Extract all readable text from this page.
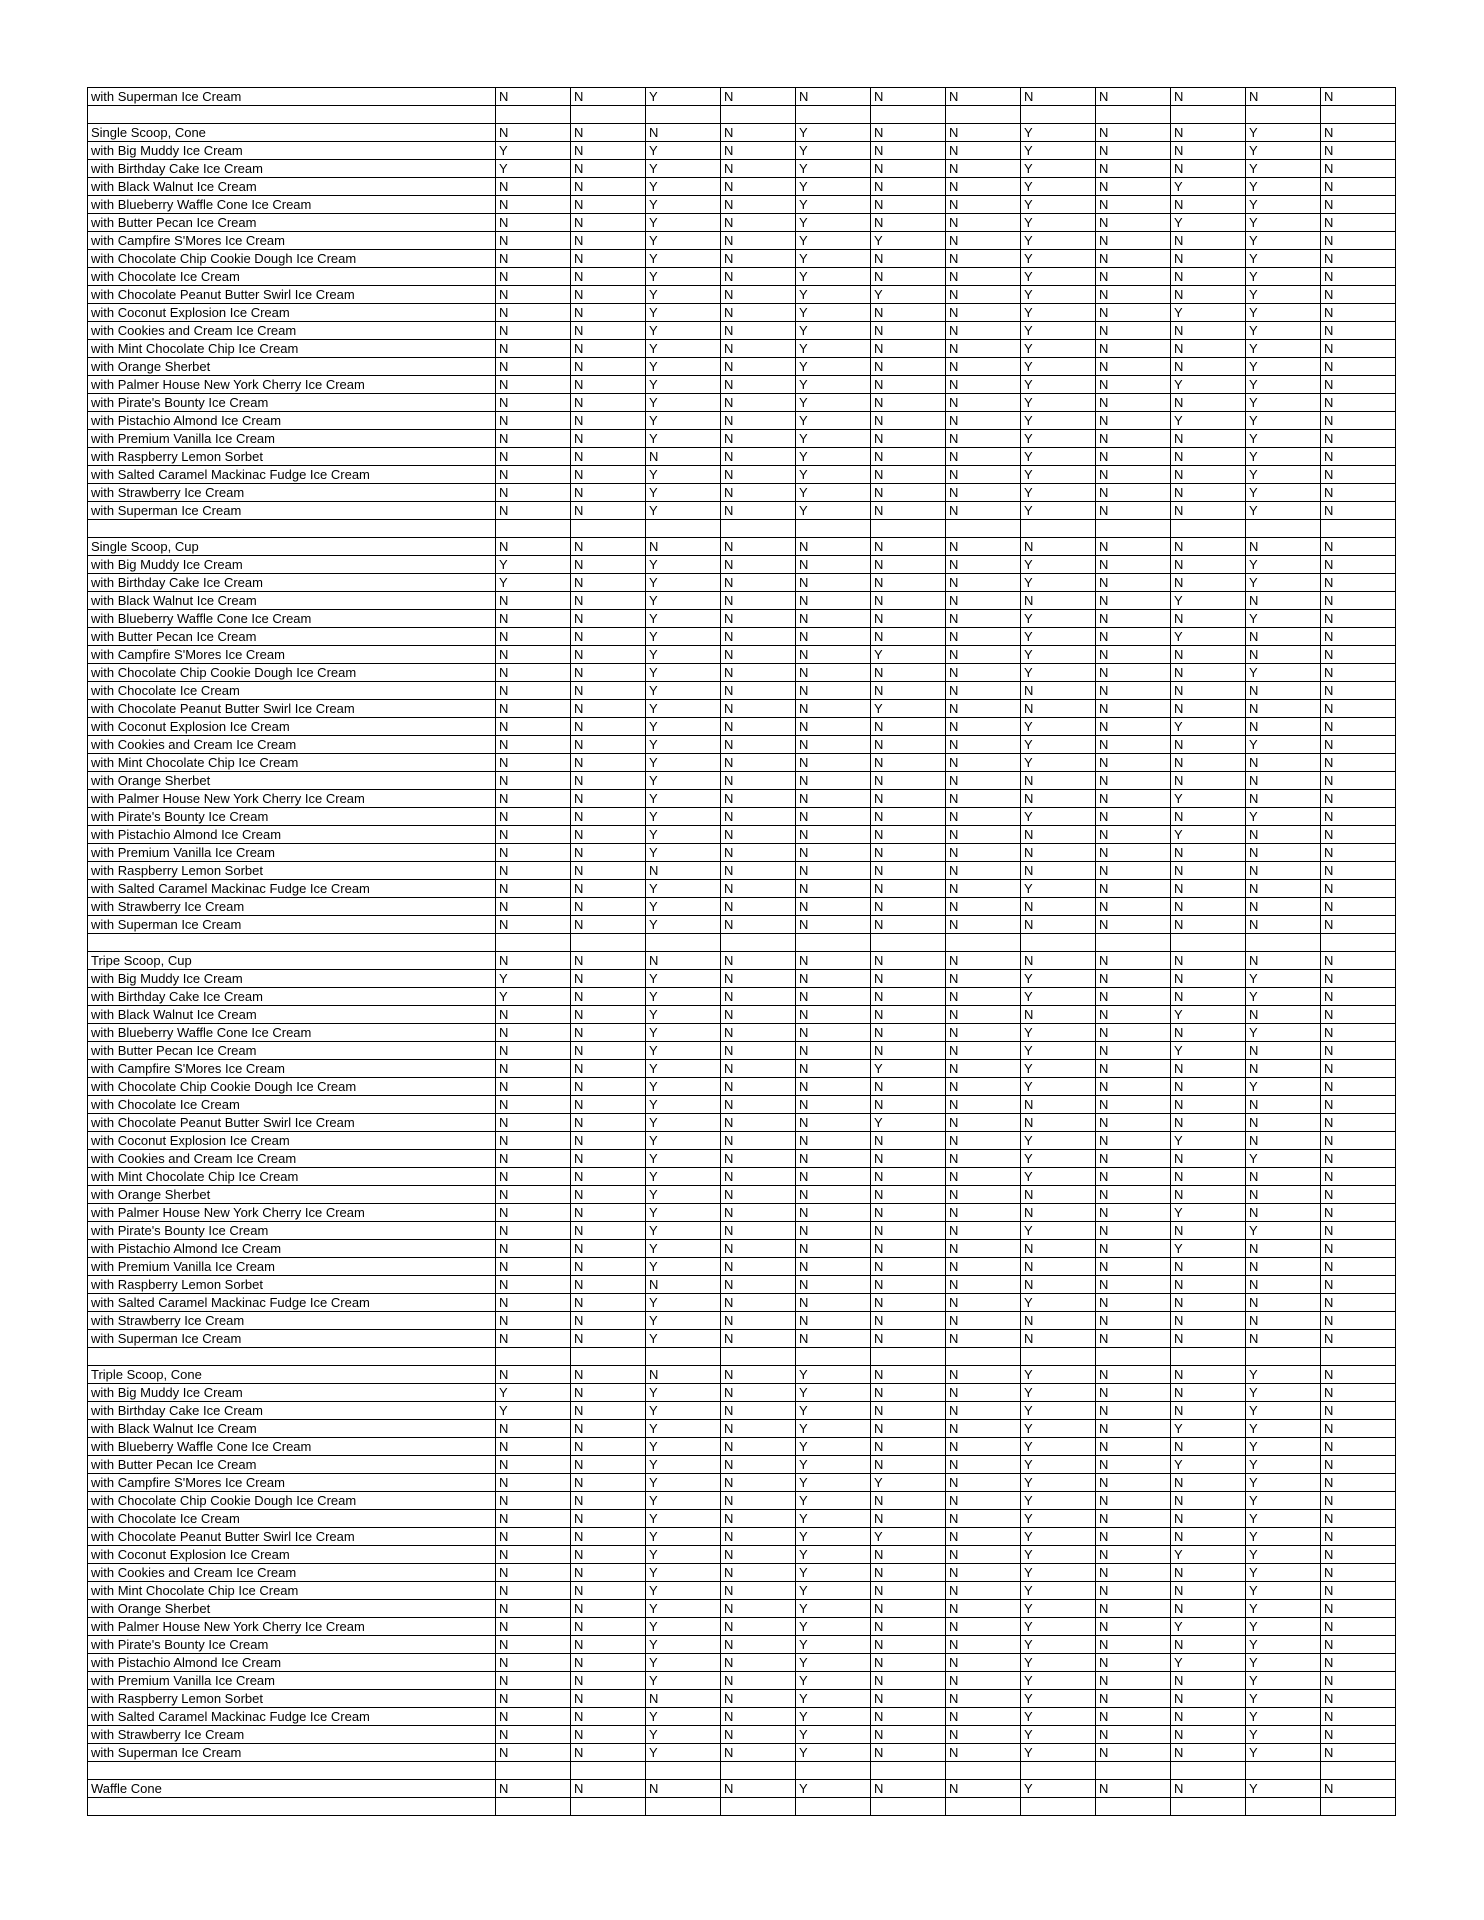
with Superman Ice Cream	N	N	Y	N	N	N	N	N	N	N	N	N

Single Scoop, Cone	N	N	N	N	Y	N	N	Y	N	N	Y	N
with Big Muddy Ice Cream	Y	N	Y	N	Y	N	N	Y	N	N	Y	N
with Birthday Cake Ice Cream	Y	N	Y	N	Y	N	N	Y	N	N	Y	N
with Black Walnut Ice Cream	N	N	Y	N	Y	N	N	Y	N	Y	Y	N
with Blueberry Waffle Cone Ice Cream	N	N	Y	N	Y	N	N	Y	N	N	Y	N
with Butter Pecan Ice Cream	N	N	Y	N	Y	N	N	Y	N	Y	Y	N
with Campfire S'Mores Ice Cream	N	N	Y	N	Y	Y	N	Y	N	N	Y	N
with Chocolate Chip Cookie Dough Ice Cream	N	N	Y	N	Y	N	N	Y	N	N	Y	N
with Chocolate Ice Cream	N	N	Y	N	Y	N	N	Y	N	N	Y	N
with Chocolate Peanut Butter Swirl Ice Cream	N	N	Y	N	Y	Y	N	Y	N	N	Y	N
with Coconut Explosion Ice Cream	N	N	Y	N	Y	N	N	Y	N	Y	Y	N
with Cookies and Cream Ice Cream	N	N	Y	N	Y	N	N	Y	N	N	Y	N
with Mint Chocolate Chip Ice Cream	N	N	Y	N	Y	N	N	Y	N	N	Y	N
with Orange Sherbet	N	N	Y	N	Y	N	N	Y	N	N	Y	N
with Palmer House New York Cherry Ice Cream	N	N	Y	N	Y	N	N	Y	N	Y	Y	N
with Pirate's Bounty Ice Cream	N	N	Y	N	Y	N	N	Y	N	N	Y	N
with Pistachio Almond Ice Cream	N	N	Y	N	Y	N	N	Y	N	Y	Y	N
with Premium Vanilla Ice Cream	N	N	Y	N	Y	N	N	Y	N	N	Y	N
with Raspberry Lemon Sorbet	N	N	N	N	Y	N	N	Y	N	N	Y	N
with Salted Caramel Mackinac Fudge Ice Cream	N	N	Y	N	Y	N	N	Y	N	N	Y	N
with Strawberry Ice Cream	N	N	Y	N	Y	N	N	Y	N	N	Y	N
with Superman Ice Cream	N	N	Y	N	Y	N	N	Y	N	N	Y	N

Single Scoop, Cup	N	N	N	N	N	N	N	N	N	N	N	N
with Big Muddy Ice Cream	Y	N	Y	N	N	N	N	Y	N	N	Y	N
with Birthday Cake Ice Cream	Y	N	Y	N	N	N	N	Y	N	N	Y	N
with Black Walnut Ice Cream	N	N	Y	N	N	N	N	N	N	Y	N	N
with Blueberry Waffle Cone Ice Cream	N	N	Y	N	N	N	N	Y	N	N	Y	N
with Butter Pecan Ice Cream	N	N	Y	N	N	N	N	Y	N	Y	N	N
with Campfire S'Mores Ice Cream	N	N	Y	N	N	Y	N	Y	N	N	N	N
with Chocolate Chip Cookie Dough Ice Cream	N	N	Y	N	N	N	N	Y	N	N	Y	N
with Chocolate Ice Cream	N	N	Y	N	N	N	N	N	N	N	N	N
with Chocolate Peanut Butter Swirl Ice Cream	N	N	Y	N	N	Y	N	N	N	N	N	N
with Coconut Explosion Ice Cream	N	N	Y	N	N	N	N	Y	N	Y	N	N
with Cookies and Cream Ice Cream	N	N	Y	N	N	N	N	Y	N	N	Y	N
with Mint Chocolate Chip Ice Cream	N	N	Y	N	N	N	N	Y	N	N	N	N
with Orange Sherbet	N	N	Y	N	N	N	N	N	N	N	N	N
with Palmer House New York Cherry Ice Cream	N	N	Y	N	N	N	N	N	N	Y	N	N
with Pirate's Bounty Ice Cream	N	N	Y	N	N	N	N	Y	N	N	Y	N
with Pistachio Almond Ice Cream	N	N	Y	N	N	N	N	N	N	Y	N	N
with Premium Vanilla Ice Cream	N	N	Y	N	N	N	N	N	N	N	N	N
with Raspberry Lemon Sorbet	N	N	N	N	N	N	N	N	N	N	N	N
with Salted Caramel Mackinac Fudge Ice Cream	N	N	Y	N	N	N	N	Y	N	N	N	N
with Strawberry Ice Cream	N	N	Y	N	N	N	N	N	N	N	N	N
with Superman Ice Cream	N	N	Y	N	N	N	N	N	N	N	N	N

Tripe Scoop, Cup	N	N	N	N	N	N	N	N	N	N	N	N
with Big Muddy Ice Cream	Y	N	Y	N	N	N	N	Y	N	N	Y	N
with Birthday Cake Ice Cream	Y	N	Y	N	N	N	N	Y	N	N	Y	N
with Black Walnut Ice Cream	N	N	Y	N	N	N	N	N	N	Y	N	N
with Blueberry Waffle Cone Ice Cream	N	N	Y	N	N	N	N	Y	N	N	Y	N
with Butter Pecan Ice Cream	N	N	Y	N	N	N	N	Y	N	Y	N	N
with Campfire S'Mores Ice Cream	N	N	Y	N	N	Y	N	Y	N	N	N	N
with Chocolate Chip Cookie Dough Ice Cream	N	N	Y	N	N	N	N	Y	N	N	Y	N
with Chocolate Ice Cream	N	N	Y	N	N	N	N	N	N	N	N	N
with Chocolate Peanut Butter Swirl Ice Cream	N	N	Y	N	N	Y	N	N	N	N	N	N
with Coconut Explosion Ice Cream	N	N	Y	N	N	N	N	Y	N	Y	N	N
with Cookies and Cream Ice Cream	N	N	Y	N	N	N	N	Y	N	N	Y	N
with Mint Chocolate Chip Ice Cream	N	N	Y	N	N	N	N	Y	N	N	N	N
with Orange Sherbet	N	N	Y	N	N	N	N	N	N	N	N	N
with Palmer House New York Cherry Ice Cream	N	N	Y	N	N	N	N	N	N	Y	N	N
with Pirate's Bounty Ice Cream	N	N	Y	N	N	N	N	Y	N	N	Y	N
with Pistachio Almond Ice Cream	N	N	Y	N	N	N	N	N	N	Y	N	N
with Premium Vanilla Ice Cream	N	N	Y	N	N	N	N	N	N	N	N	N
with Raspberry Lemon Sorbet	N	N	N	N	N	N	N	N	N	N	N	N
with Salted Caramel Mackinac Fudge Ice Cream	N	N	Y	N	N	N	N	Y	N	N	N	N
with Strawberry Ice Cream	N	N	Y	N	N	N	N	N	N	N	N	N
with Superman Ice Cream	N	N	Y	N	N	N	N	N	N	N	N	N

Triple Scoop, Cone	N	N	N	N	Y	N	N	Y	N	N	Y	N
with Big Muddy Ice Cream	Y	N	Y	N	Y	N	N	Y	N	N	Y	N
with Birthday Cake Ice Cream	Y	N	Y	N	Y	N	N	Y	N	N	Y	N
with Black Walnut Ice Cream	N	N	Y	N	Y	N	N	Y	N	Y	Y	N
with Blueberry Waffle Cone Ice Cream	N	N	Y	N	Y	N	N	Y	N	N	Y	N
with Butter Pecan Ice Cream	N	N	Y	N	Y	N	N	Y	N	Y	Y	N
with Campfire S'Mores Ice Cream	N	N	Y	N	Y	Y	N	Y	N	N	Y	N
with Chocolate Chip Cookie Dough Ice Cream	N	N	Y	N	Y	N	N	Y	N	N	Y	N
with Chocolate Ice Cream	N	N	Y	N	Y	N	N	Y	N	N	Y	N
with Chocolate Peanut Butter Swirl Ice Cream	N	N	Y	N	Y	Y	N	Y	N	N	Y	N
with Coconut Explosion Ice Cream	N	N	Y	N	Y	N	N	Y	N	Y	Y	N
with Cookies and Cream Ice Cream	N	N	Y	N	Y	N	N	Y	N	N	Y	N
with Mint Chocolate Chip Ice Cream	N	N	Y	N	Y	N	N	Y	N	N	Y	N
with Orange Sherbet	N	N	Y	N	Y	N	N	Y	N	N	Y	N
with Palmer House New York Cherry Ice Cream	N	N	Y	N	Y	N	N	Y	N	Y	Y	N
with Pirate's Bounty Ice Cream	N	N	Y	N	Y	N	N	Y	N	N	Y	N
with Pistachio Almond Ice Cream	N	N	Y	N	Y	N	N	Y	N	Y	Y	N
with Premium Vanilla Ice Cream	N	N	Y	N	Y	N	N	Y	N	N	Y	N
with Raspberry Lemon Sorbet	N	N	N	N	Y	N	N	Y	N	N	Y	N
with Salted Caramel Mackinac Fudge Ice Cream	N	N	Y	N	Y	N	N	Y	N	N	Y	N
with Strawberry Ice Cream	N	N	Y	N	Y	N	N	Y	N	N	Y	N
with Superman Ice Cream	N	N	Y	N	Y	N	N	Y	N	N	Y	N

Waffle Cone	N	N	N	N	Y	N	N	Y	N	N	Y	N
